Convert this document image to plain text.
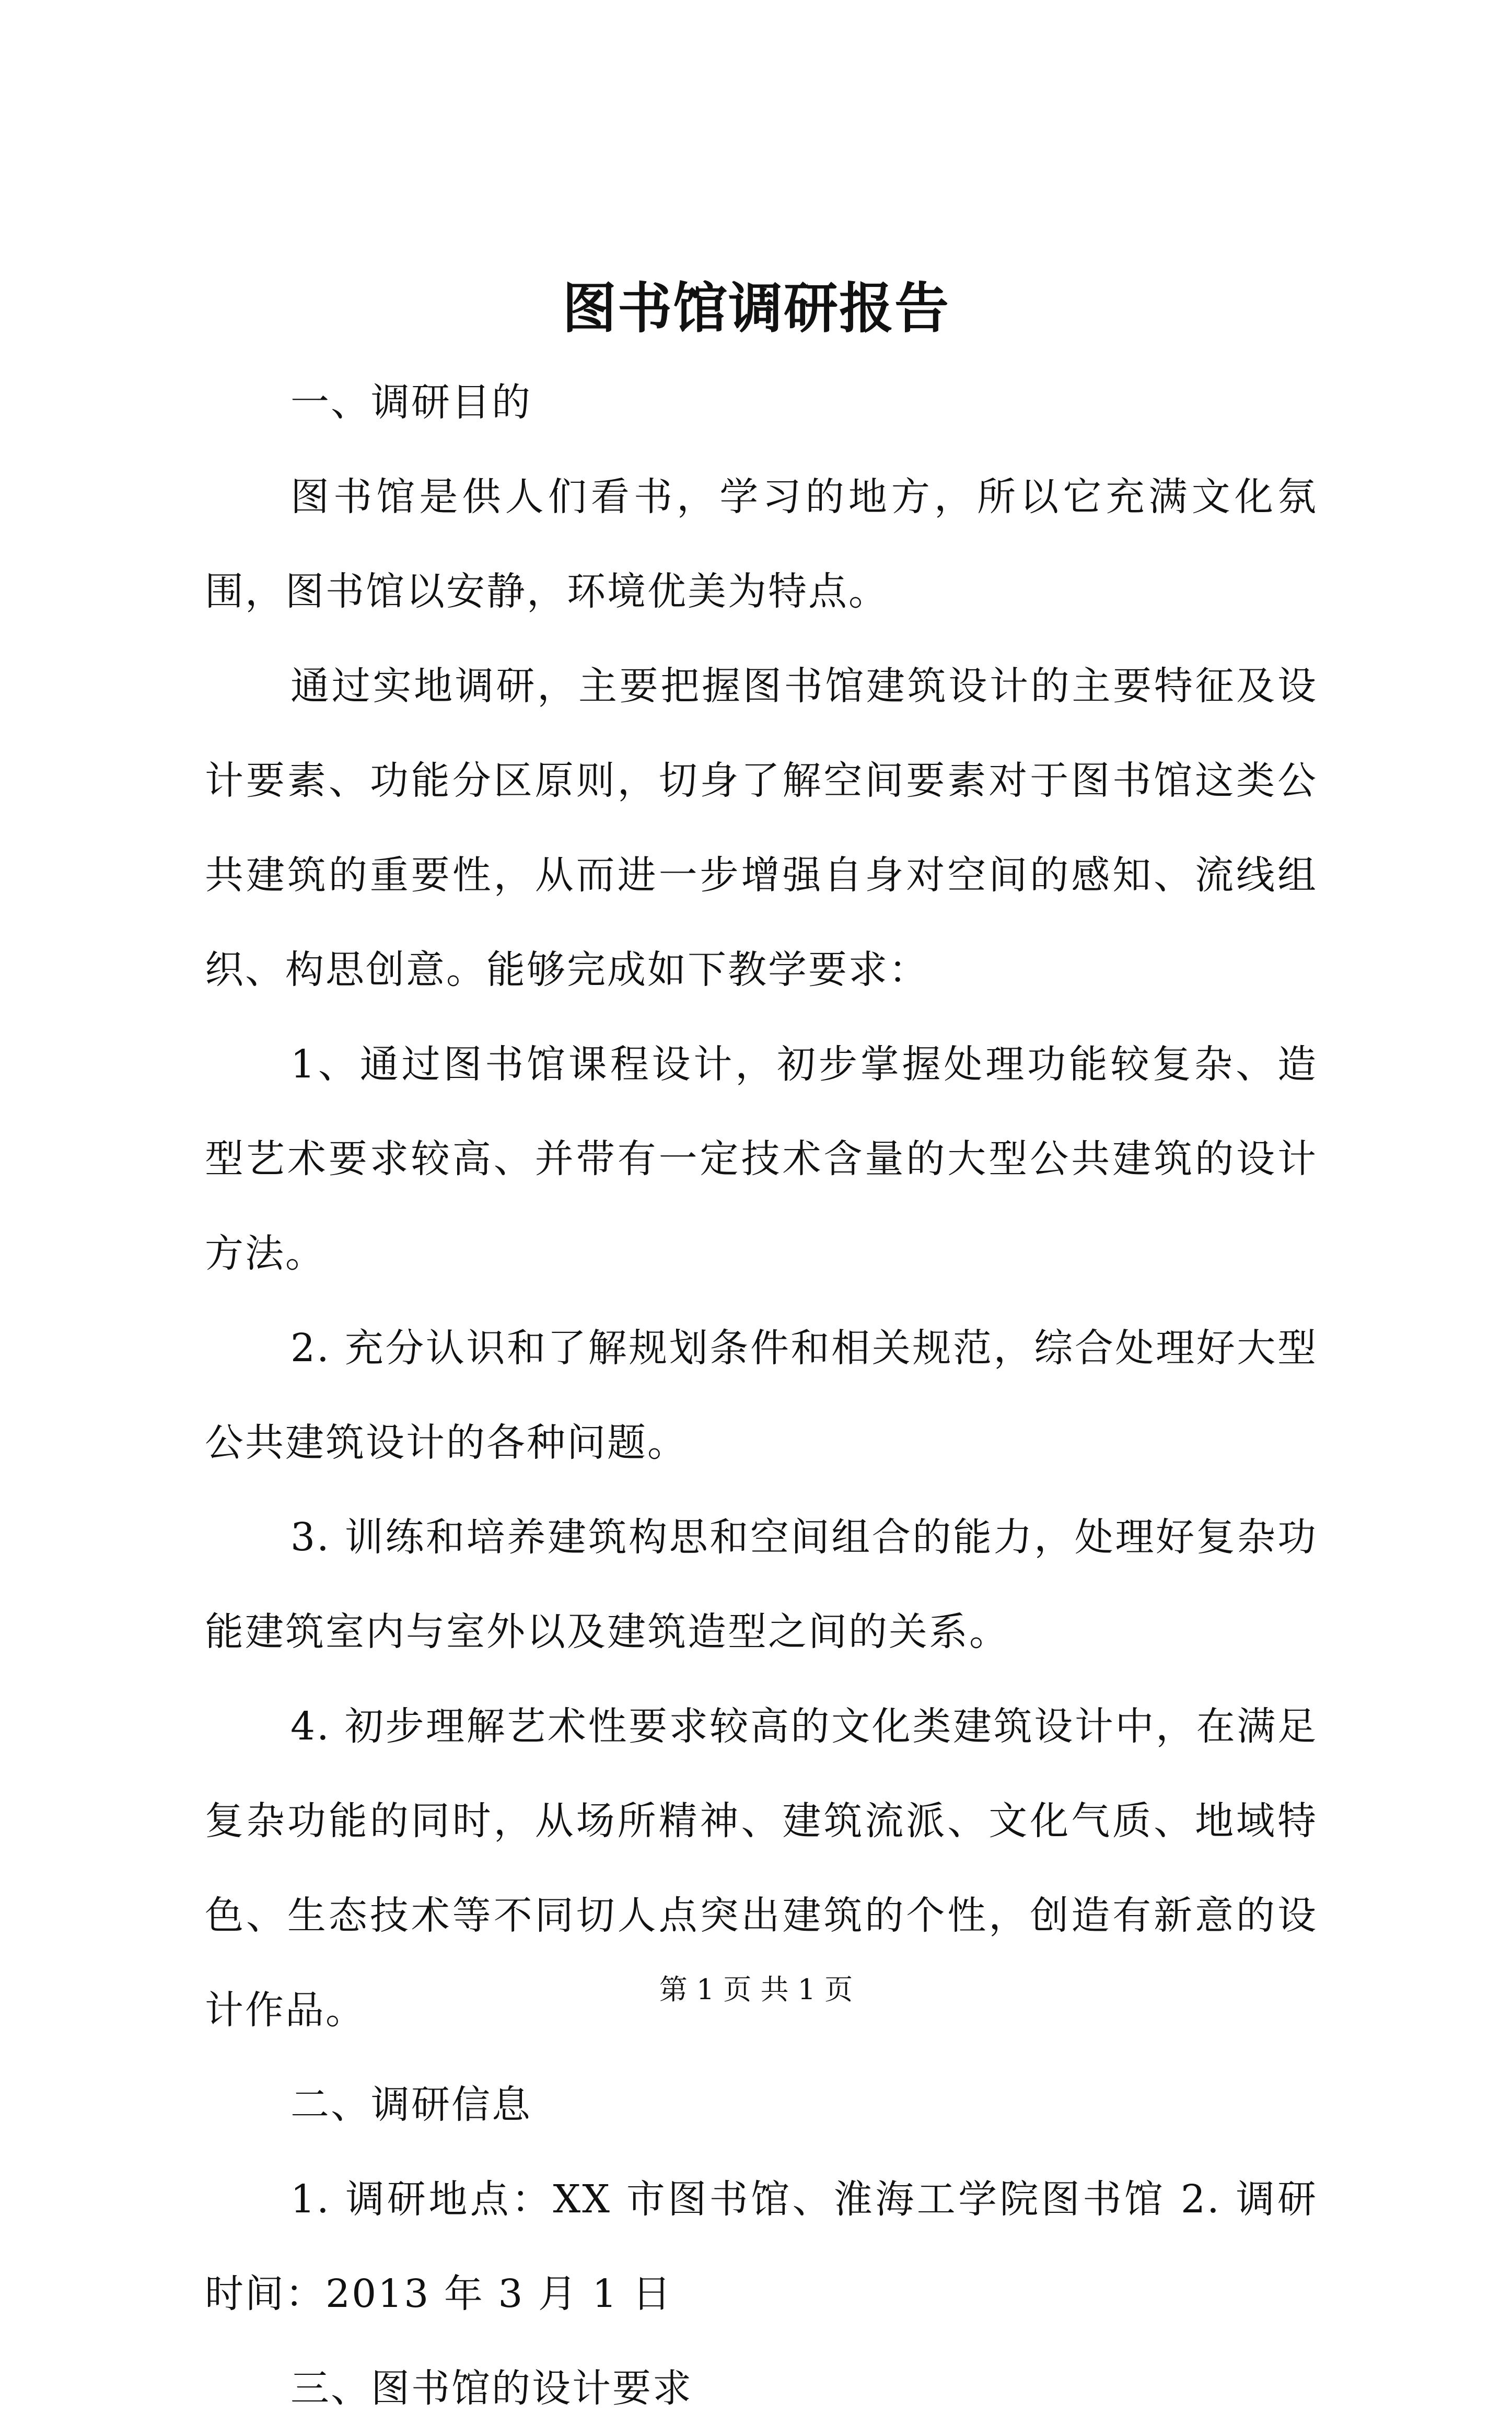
图书馆调研报告

一、调研目的

图书馆是供人们看书，学习的地方，所以它充满文化氛围，图书馆以安静，环境优美为特点。

通过实地调研，主要把握图书馆建筑设计的主要特征及设计要素、功能分区原则，切身了解空间要素对于图书馆这类公共建筑的重要性，从而进一步增强自身对空间的感知、流线组织、构思创意。能够完成如下教学要求：

1、通过图书馆课程设计，初步掌握处理功能较复杂、造型艺术要求较高、并带有一定技术含量的大型公共建筑的设计方法。

2. 充分认识和了解规划条件和相关规范，综合处理好大型公共建筑设计的各种问题。

3. 训练和培养建筑构思和空间组合的能力，处理好复杂功能建筑室内与室外以及建筑造型之间的关系。

4. 初步理解艺术性要求较高的文化类建筑设计中，在满足复杂功能的同时，从场所精神、建筑流派、文化气质、地域特色、生态技术等不同切人点突出建筑的个性，创造有新意的设计作品。

二、调研信息

1. 调研地点：XX 市图书馆、淮海工学院图书馆 2. 调研时间：2013 年 3 月 1 日

三、图书馆的设计要求

第 1 页 共 1 页
